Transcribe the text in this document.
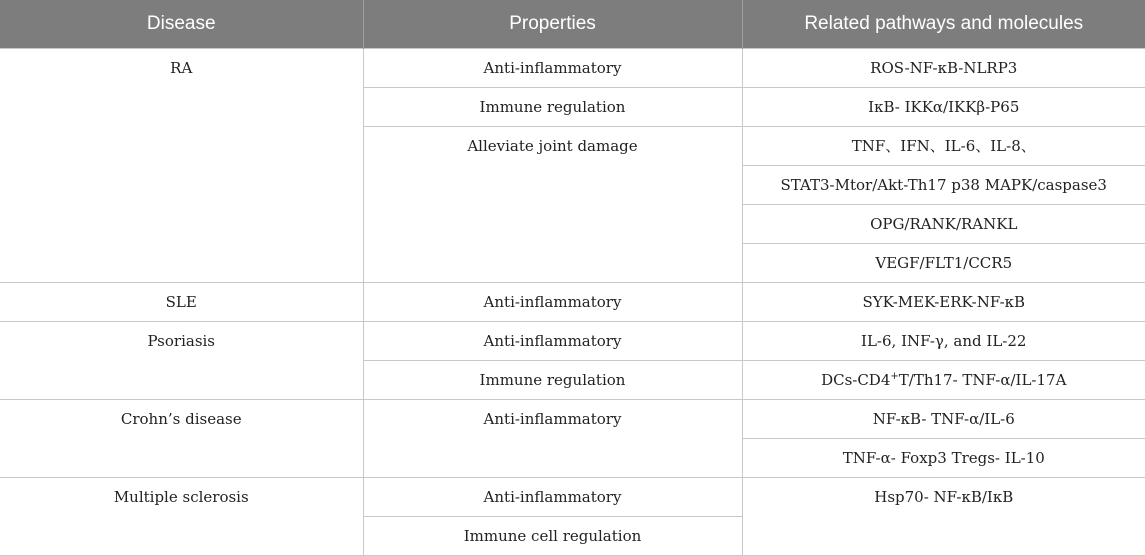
Disease	Properties	Related pathways and molecules
RA	Anti-inflammatory	ROS-NF-κB-NLRP3
	Immune regulation	IκB- IKKα/IKKβ-P65
	Alleviate joint damage	TNF、IFN、IL-6、IL-8、
		STAT3-Mtor/Akt-Th17 p38 MAPK/caspase3
		OPG/RANK/RANKL
		VEGF/FLT1/CCR5
SLE	Anti-inflammatory	SYK-MEK-ERK-NF-κB
Psoriasis	Anti-inflammatory	IL-6, INF-γ, and IL-22
	Immune regulation	DCs-CD4+T/Th17- TNF-α/IL-17A
Crohn’s disease	Anti-inflammatory	NF-κB- TNF-α/IL-6
		TNF-α- Foxp3 Tregs- IL-10
Multiple sclerosis	Anti-inflammatory	Hsp70- NF-κB/IκB
	Immune cell regulation	
